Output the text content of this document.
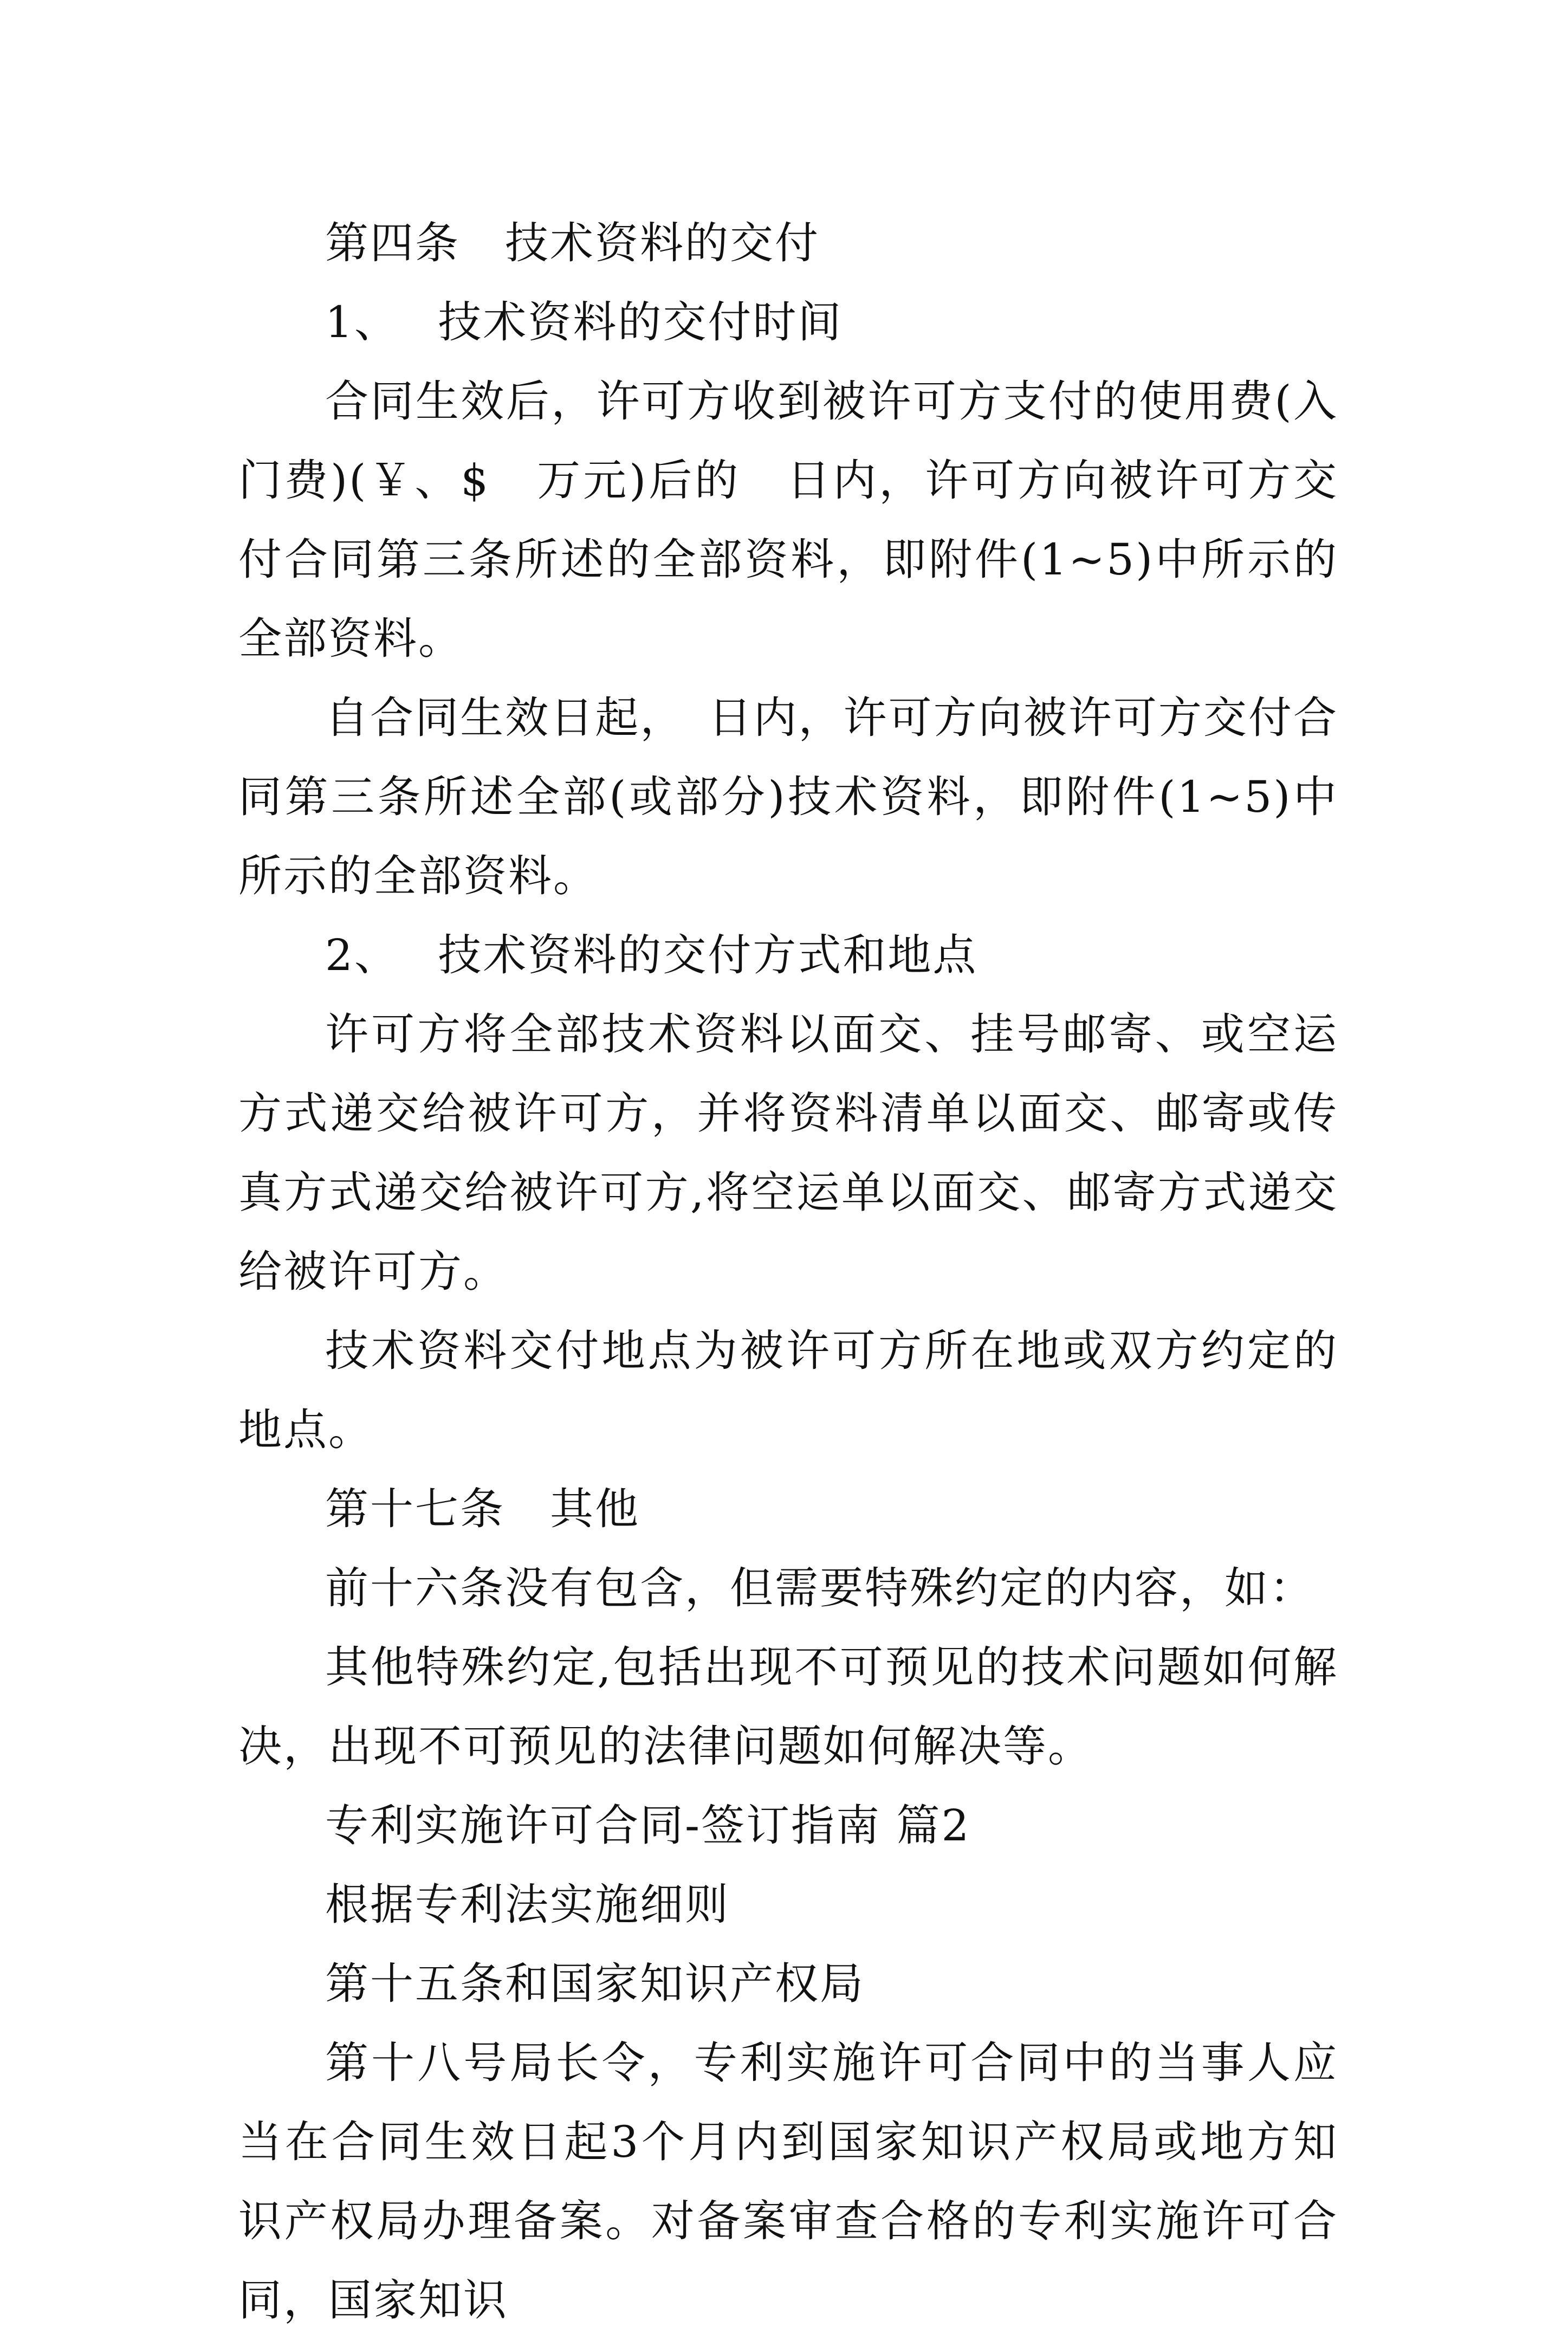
第四条　技术资料的交付

1、　 技术资料的交付时间

合同生效后，许可方收到被许可方支付的使用费(入门费)(￥、$　万元)后的　日内，许可方向被许可方交付合同第三条所述的全部资料，即附件(1~5)中所示的全部资料。

自合同生效日起，　日内，许可方向被许可方交付合同第三条所述全部(或部分)技术资料，即附件(1~5)中所示的全部资料。

2、　 技术资料的交付方式和地点

许可方将全部技术资料以面交、挂号邮寄、或空运方式递交给被许可方，并将资料清单以面交、邮寄或传真方式递交给被许可方,将空运单以面交、邮寄方式递交给被许可方。

技术资料交付地点为被许可方所在地或双方约定的地点。

第十七条　其他

前十六条没有包含，但需要特殊约定的内容，如：

其他特殊约定,包括出现不可预见的技术问题如何解决，出现不可预见的法律问题如何解决等。

专利实施许可合同-签订指南 篇2

根据专利法实施细则

第十五条和国家知识产权局

第十八号局长令，专利实施许可合同中的当事人应当在合同生效日起3个月内到国家知识产权局或地方知识产权局办理备案。对备案审查合格的专利实施许可合同，国家知识
